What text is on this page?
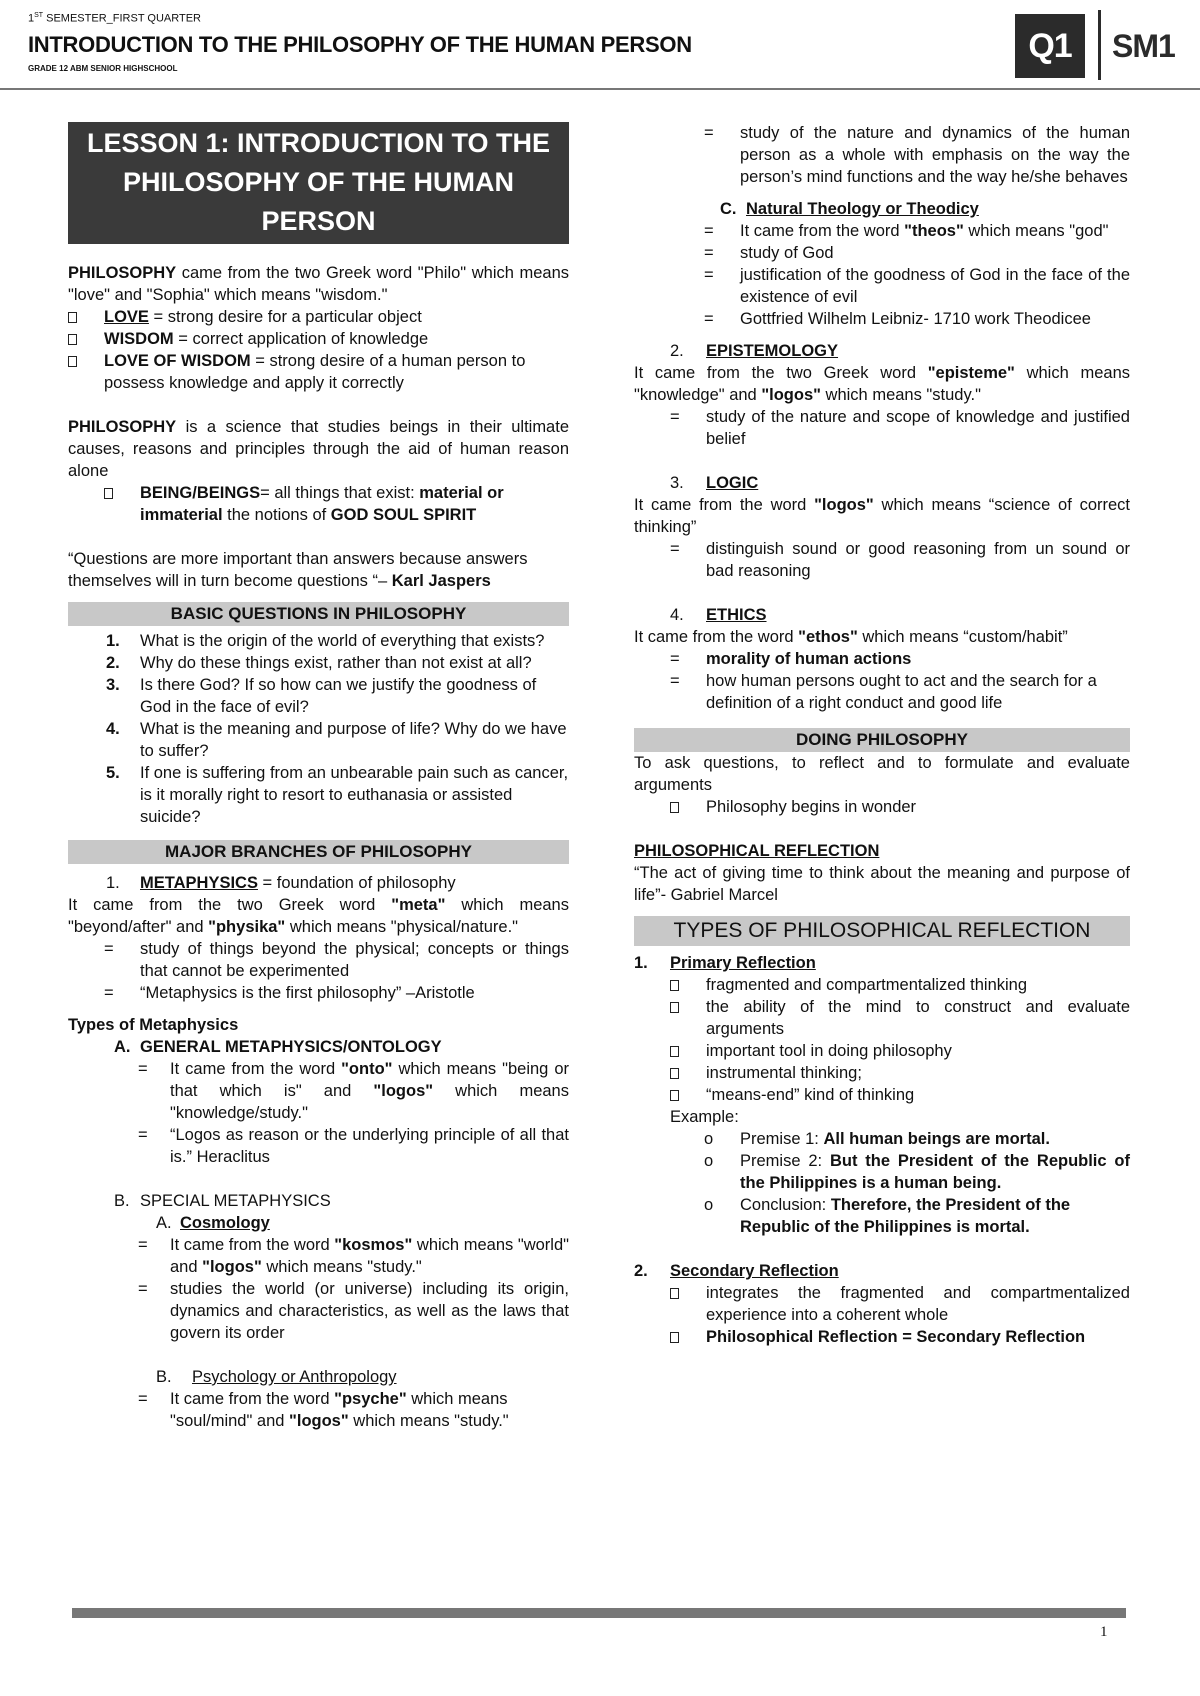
1ST SEMESTER_FIRST QUARTER
INTRODUCTION TO THE PHILOSOPHY OF THE HUMAN PERSON
GRADE 12 ABM SENIOR HIGHSCHOOL
Q1	SM1
LESSON 1: INTRODUCTION TO THE PHILOSOPHY OF THE HUMAN PERSON

PHILOSOPHY came from the two Greek word "Philo" which means "love" and "Sophia" which means "wisdom."

LOVE = strong desire for a particular object
WISDOM = correct application of knowledge
LOVE OF WISDOM = strong desire of a human person to possess knowledge and apply it correctly

PHILOSOPHY is a science that studies beings in their ultimate causes, reasons and principles through the aid of human reason alone

BEING/BEINGS= all things that exist: material or immaterial the notions of GOD SOUL SPIRIT

“Questions are more important than answers because answers themselves will in turn become questions “– Karl Jaspers

BASIC QUESTIONS IN PHILOSOPHY
1.	What is the origin of the world of everything that exists?
2.	Why do these things exist, rather than not exist at all?
3.	Is there God? If so how can we justify the goodness of God in the face of evil?
4.	What is the meaning and purpose of life? Why do we have to suffer?
5.	If one is suffering from an unbearable pain such as cancer, is it morally right to resort to euthanasia or assisted suicide?
MAJOR BRANCHES OF PHILOSOPHY
1.	METAPHYSICS = foundation of philosophy

It came from the two Greek word "meta" which means "beyond/after" and "physika" which means "physical/nature."

=	study of things beyond the physical; concepts or things that cannot be experimented
=	“Metaphysics is the first philosophy” –Aristotle

Types of Metaphysics

A. GENERAL METAPHYSICS/ONTOLOGY
=	It came from the word "onto" which means "being or that which is" and "logos" which means "knowledge/study."
=	“Logos as reason or the underlying principle of all that is.” Heraclitus
B. SPECIAL METAPHYSICS
A. Cosmology
=	It came from the word "kosmos" which means "world" and "logos" which means "study."
=	studies the world (or universe) including its origin, dynamics and characteristics, as well as the laws that govern its order
B.	Psychology or Anthropology
=	It came from the word "psyche" which means "soul/mind" and "logos" which means "study."
=	study of the nature and dynamics of the human person as a whole with emphasis on the way the person’s mind functions and the way he/she behaves
C. Natural Theology or Theodicy
=	It came from the word "theos" which means "god"
=	study of God
=	justification of the goodness of God in the face of the existence of evil
=	Gottfried Wilhelm Leibniz- 1710 work Theodicee
2.	EPISTEMOLOGY

It came from the two Greek word "episteme" which means "knowledge" and "logos" which means "study."

=	study of the nature and scope of knowledge and justified belief
3.	LOGIC

It came from the word "logos" which means “science of correct thinking”

=	distinguish sound or good reasoning from un sound or bad reasoning
4.	ETHICS

It came from the word "ethos" which means “custom/habit”

=	morality of human actions
=	how human persons ought to act and the search for a definition of a right conduct and good life
DOING PHILOSOPHY

To ask questions, to reflect and to formulate and evaluate arguments

Philosophy begins in wonder

PHILOSOPHICAL REFLECTION

“The act of giving time to think about the meaning and purpose of life”- Gabriel Marcel

TYPES OF PHILOSOPHICAL REFLECTION
1.	Primary Reflection
fragmented and compartmentalized thinking
the ability of the mind to construct and evaluate arguments
important tool in doing philosophy
instrumental thinking;
“means-end” kind of thinking

Example:

o	Premise 1: All human beings are mortal.
o	Premise 2: But the President of the Republic of the Philippines is a human being.
o	Conclusion: Therefore, the President of the Republic of the Philippines is mortal.
2.	Secondary Reflection
integrates the fragmented and compartmentalized experience into a coherent whole
Philosophical Reflection = Secondary Reflection
1
